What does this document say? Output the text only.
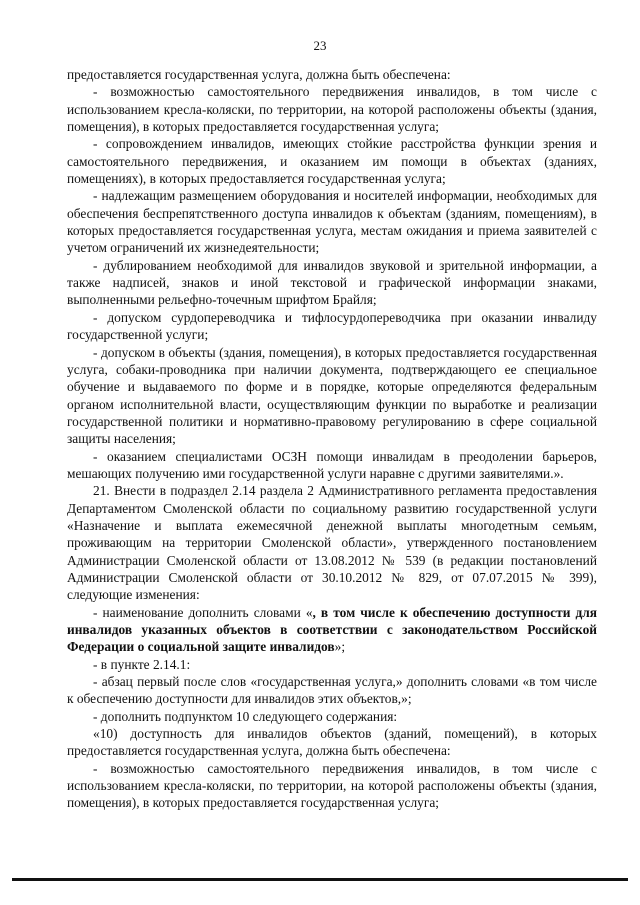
23

предоставляется государственная услуга, должна быть обеспечена:

- возможностью самостоятельного передвижения инвалидов, в том числе с использованием кресла-коляски, по территории, на которой расположены объекты (здания, помещения), в которых предоставляется государственная услуга;

- сопровождением инвалидов, имеющих стойкие расстройства функции зрения и самостоятельного передвижения, и оказанием им помощи в объектах (зданиях, помещениях), в которых предоставляется государственная услуга;

- надлежащим размещением оборудования и носителей информации, необходимых для обеспечения беспрепятственного доступа инвалидов к объектам (зданиям, помещениям), в которых предоставляется государственная услуга, местам ожидания и приема заявителей с учетом ограничений их жизнедеятельности;

- дублированием необходимой для инвалидов звуковой и зрительной информации, а также надписей, знаков и иной текстовой и графической информации знаками, выполненными рельефно-точечным шрифтом Брайля;

- допуском сурдопереводчика и тифлосурдопереводчика при оказании инвалиду государственной услуги;

- допуском в объекты (здания, помещения), в которых предоставляется государственная услуга, собаки-проводника при наличии документа, подтверждающего ее специальное обучение и выдаваемого по форме и в порядке, которые определяются федеральным органом исполнительной власти, осуществляющим функции по выработке и реализации государственной политики и нормативно-правовому регулированию в сфере социальной защиты населения;

- оказанием специалистами ОСЗН помощи инвалидам в преодолении барьеров, мешающих получению ими государственной услуги наравне с другими заявителями.».

21. Внести в подраздел 2.14 раздела 2 Административного регламента предоставления Департаментом Смоленской области по социальному развитию государственной услуги «Назначение и выплата ежемесячной денежной выплаты многодетным семьям, проживающим на территории Смоленской области», утвержденного постановлением Администрации Смоленской области от 13.08.2012 № 539 (в редакции постановлений Администрации Смоленской области от 30.10.2012 № 829, от 07.07.2015 № 399), следующие изменения:

- наименование дополнить словами «, в том числе к обеспечению доступности для инвалидов указанных объектов в соответствии с законодательством Российской Федерации о социальной защите инвалидов»;

- в пункте 2.14.1:

- абзац первый после слов «государственная услуга,» дополнить словами «в том числе к обеспечению доступности для инвалидов этих объектов,»;

- дополнить подпунктом 10 следующего содержания:

«10) доступность для инвалидов объектов (зданий, помещений), в которых предоставляется государственная услуга, должна быть обеспечена:

- возможностью самостоятельного передвижения инвалидов, в том числе с использованием кресла-коляски, по территории, на которой расположены объекты (здания, помещения), в которых предоставляется государственная услуга;
